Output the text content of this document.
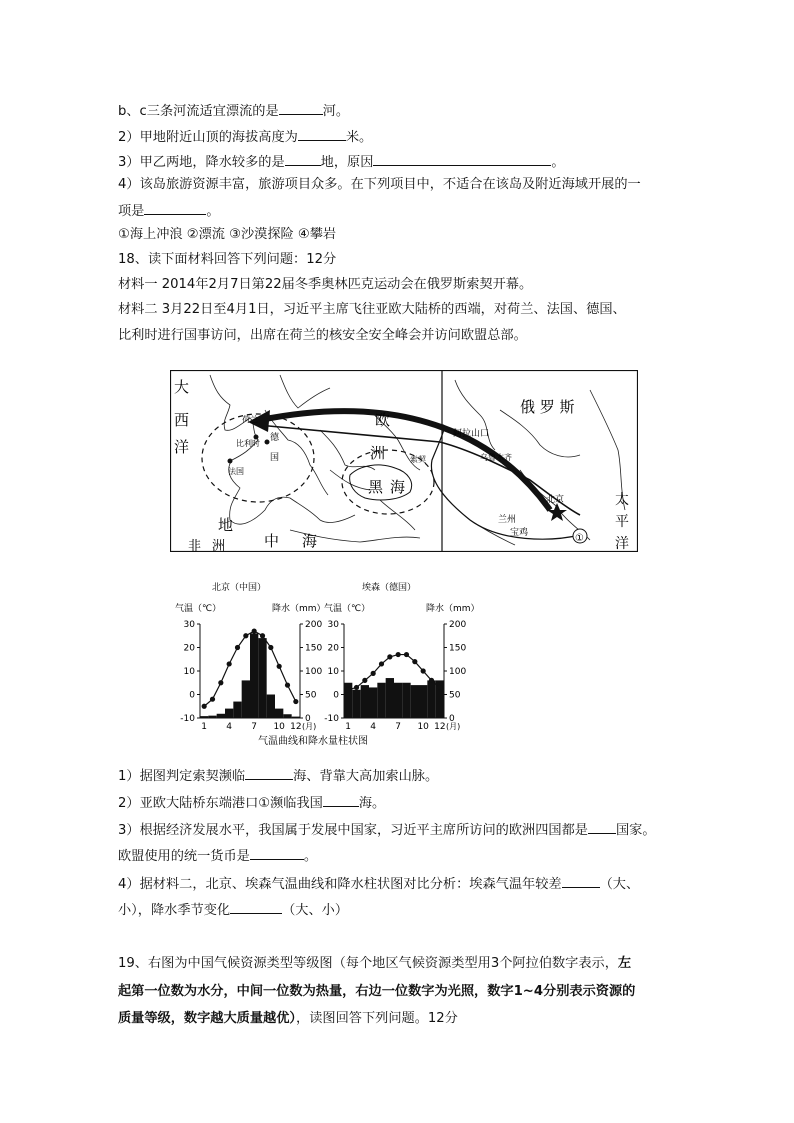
b、c三条河流适宜漂流的是	河。
2）甲地附近山顶的海拔高度为	米。
3）甲乙两地，降水较多的是	地，原因	。
4）该岛旅游资源丰富，旅游项目众多。在下列项目中，不适合在该岛及附近海域开展的一
项是	。
①海上冲浪 ②漂流 ③沙漠探险 ④攀岩
18、读下面材料回答下列问题：12分
材料一 2014年2月7日第22届冬季奥林匹克运动会在俄罗斯索契开幕。
材料二 3月22日至4月1日，习近平主席飞往亚欧大陆桥的西端，对荷兰、法国、德国、
比利时进行国事访问，出席在荷兰的核安全安全峰会并访问欧盟总部。
大
西
洋
荷兰
比利时
德
国
法国
欧
洲	索契
黑 海
地
非 洲	中 海
俄 罗 斯
阿拉山口
乌鲁木齐
北京
兰州
宝鸡
太
平
洋
①
北京（中国）	埃森（德国）
气温（℃）	降水（mm）
气温（℃）	降水（mm）
30
20
10
0
-10
200
150
100
50
0
1 4 7 10 12 (月)
30
20
10
0
-10
200
150
100
50
0
1 4 7 10 12 (月)
气温曲线和降水量柱状图
1）据图判定索契濒临	海、背靠大高加索山脉。
2）亚欧大陆桥东端港口①濒临我国	海。
3）根据经济发展水平，我国属于发展中国家，习近平主席所访问的欧洲四国都是 国家。
欧盟使用的统一货币是	。
4）据材料二，北京、埃森气温曲线和降水柱状图对比分析：埃森气温年较差	（大、
小），降水季节变化	（大、小）
19、右图为中国气候资源类型等级图（每个地区气候资源类型用3个阿拉伯数字表示，左
起第一位数为水分，中间一位数为热量，右边一位数字为光照，数字1~4分别表示资源的
质量等级，数字越大质量越优），读图回答下列问题。12分
